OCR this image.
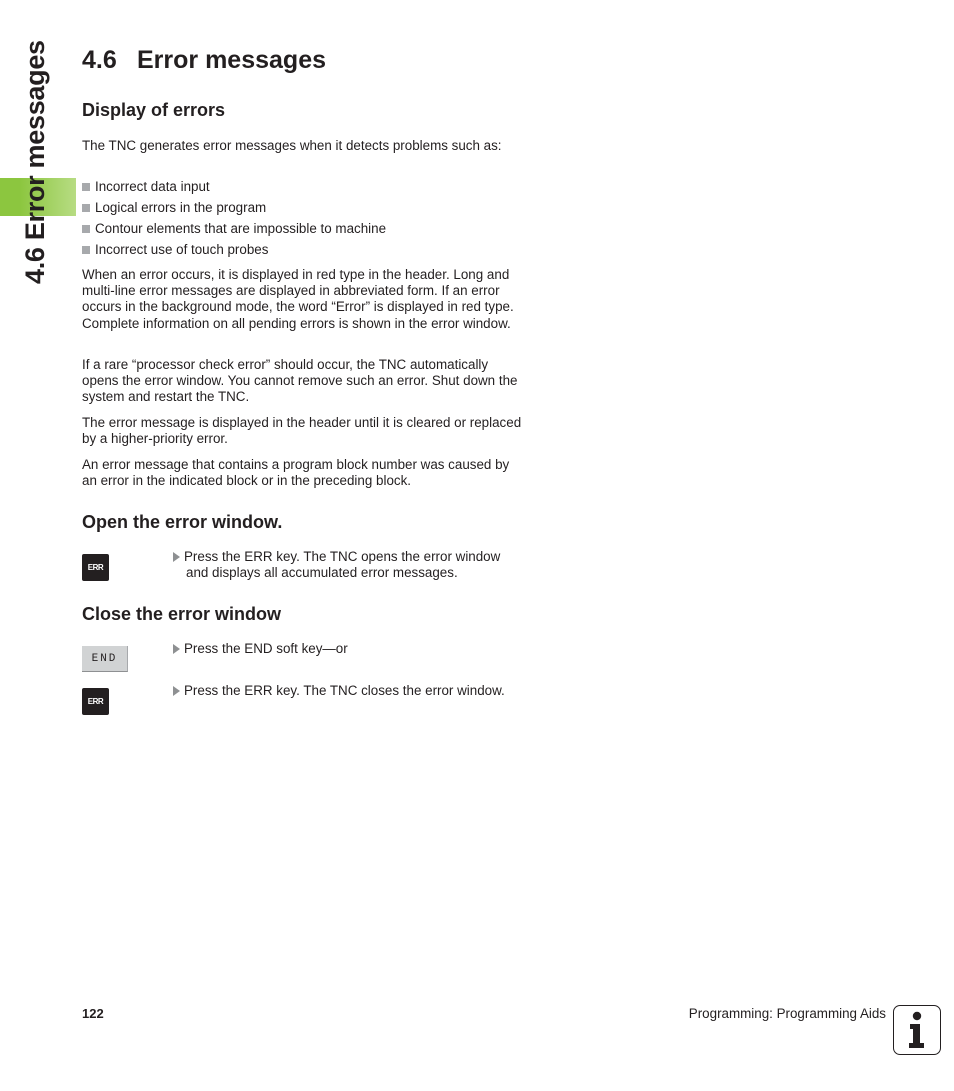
4.6 Error messages 4.6 Error messages
Display of errors

The TNC generates error messages when it detects problems such as:

Incorrect data input
Logical errors in the program
Contour elements that are impossible to machine
Incorrect use of touch probes

When an error occurs, it is displayed in red type in the header. Long and multi-line error messages are displayed in abbreviated form. If an error occurs in the background mode, the word “Error” is displayed in red type. Complete information on all pending errors is shown in the error window.

If a rare “processor check error” should occur, the TNC automatically opens the error window. You cannot remove such an error. Shut down the system and restart the TNC.

The error message is displayed in the header until it is cleared or replaced by a higher-priority error.

An error message that contains a program block number was caused by an error in the indicated block or in the preceding block.

Open the error window.
ERR

Press the ERR key. The TNC opens the error window
and displays all accumulated error messages.

Close the error window
END

Press the END soft key—or

ERR

Press the ERR key. The TNC closes the error window.

122	Programming: Programming Aids
